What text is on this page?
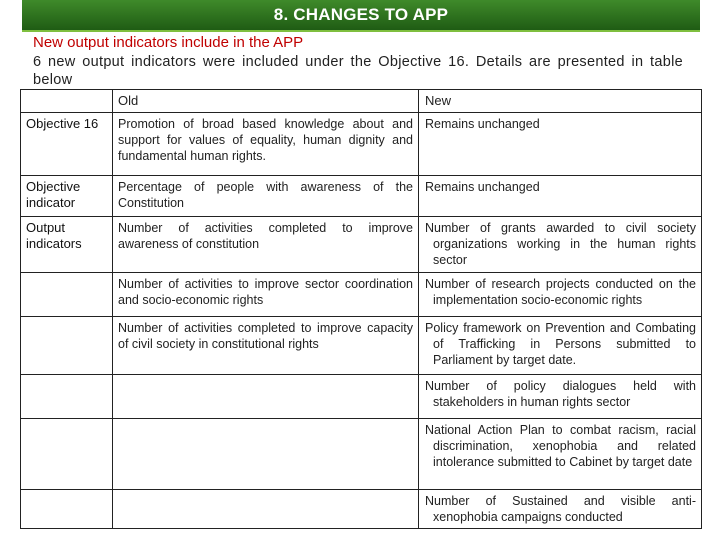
8. CHANGES TO APP
New output indicators include in the APP
6 new output indicators were included under the Objective 16. Details are presented in table below
	Old	New
Objective 16	Promotion of broad based knowledge about and support for values of equality, human dignity and fundamental human rights.	Remains unchanged
Objective indicator	Percentage of people with awareness of the Constitution	Remains unchanged
Output indicators	Number of activities completed to improve awareness of constitution	Number of grants awarded to civil society organizations working in the human rights sector
	Number of activities to improve sector coordination and socio-economic rights	Number of research projects conducted on the implementation socio-economic rights
	Number of activities completed to improve capacity of civil society in constitutional rights	Policy framework on Prevention and Combating of Trafficking in Persons submitted to Parliament by target date.
		Number of policy dialogues held with stakeholders in human rights sector
		National Action Plan to combat racism, racial discrimination, xenophobia and related intolerance submitted to Cabinet by target date
		Number of Sustained and visible anti-xenophobia campaigns conducted
